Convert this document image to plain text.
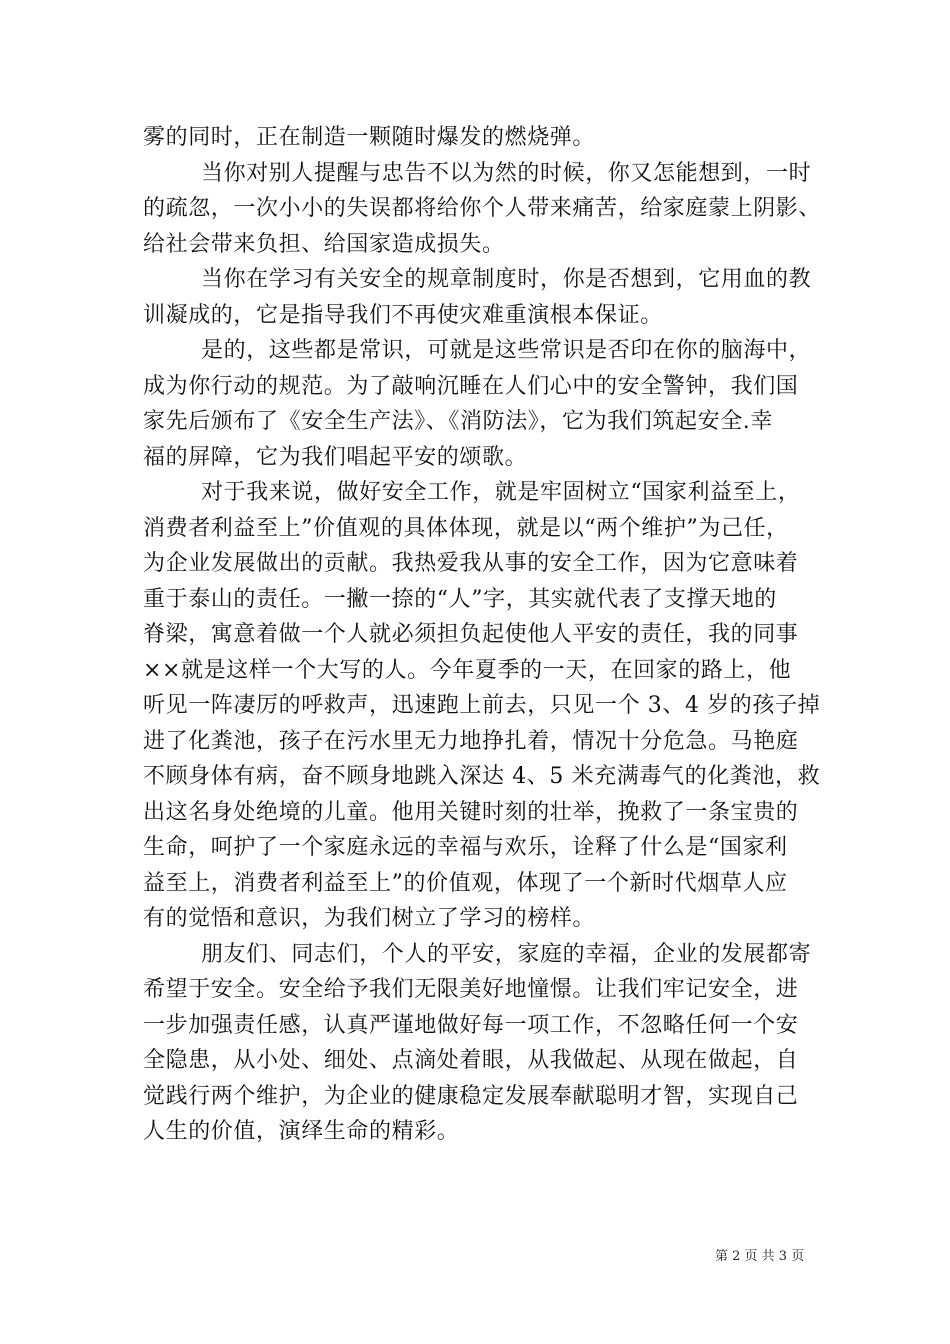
雾的同时，正在制造一颗随时爆发的燃烧弹。
当你对别人提醒与忠告不以为然的时候，你又怎能想到，一时
的疏忽，一次小小的失误都将给你个人带来痛苦，给家庭蒙上阴影、
给社会带来负担、给国家造成损失。
当你在学习有关安全的规章制度时，你是否想到，它用血的教
训凝成的，它是指导我们不再使灾难重演根本保证。
是的，这些都是常识，可就是这些常识是否印在你的脑海中，
成为你行动的规范。为了敲响沉睡在人们心中的安全警钟，我们国
家先后颁布了《安全生产法》、《消防法》，它为我们筑起安全.幸
福的屏障，它为我们唱起平安的颂歌。
对于我来说，做好安全工作，就是牢固树立“国家利益至上，
消费者利益至上”价值观的具体体现，就是以“两个维护”为己任，
为企业发展做出的贡献。我热爱我从事的安全工作，因为它意味着
重于泰山的责任。一撇一捺的“人”字，其实就代表了支撑天地的
脊梁，寓意着做一个人就必须担负起使他人平安的责任，我的同事
××就是这样一个大写的人。今年夏季的一天，在回家的路上，他
听见一阵凄厉的呼救声，迅速跑上前去，只见一个 3、4 岁的孩子掉
进了化粪池，孩子在污水里无力地挣扎着，情况十分危急。马艳庭
不顾身体有病，奋不顾身地跳入深达 4、5 米充满毒气的化粪池，救
出这名身处绝境的儿童。他用关键时刻的壮举，挽救了一条宝贵的
生命，呵护了一个家庭永远的幸福与欢乐，诠释了什么是“国家利
益至上，消费者利益至上”的价值观，体现了一个新时代烟草人应
有的觉悟和意识，为我们树立了学习的榜样。
朋友们、同志们，个人的平安，家庭的幸福，企业的发展都寄
希望于安全。安全给予我们无限美好地憧憬。让我们牢记安全，进
一步加强责任感，认真严谨地做好每一项工作，不忽略任何一个安
全隐患，从小处、细处、点滴处着眼，从我做起、从现在做起，自
觉践行两个维护，为企业的健康稳定发展奉献聪明才智，实现自己
人生的价值，演绎生命的精彩。
第 2 页 共 3 页
